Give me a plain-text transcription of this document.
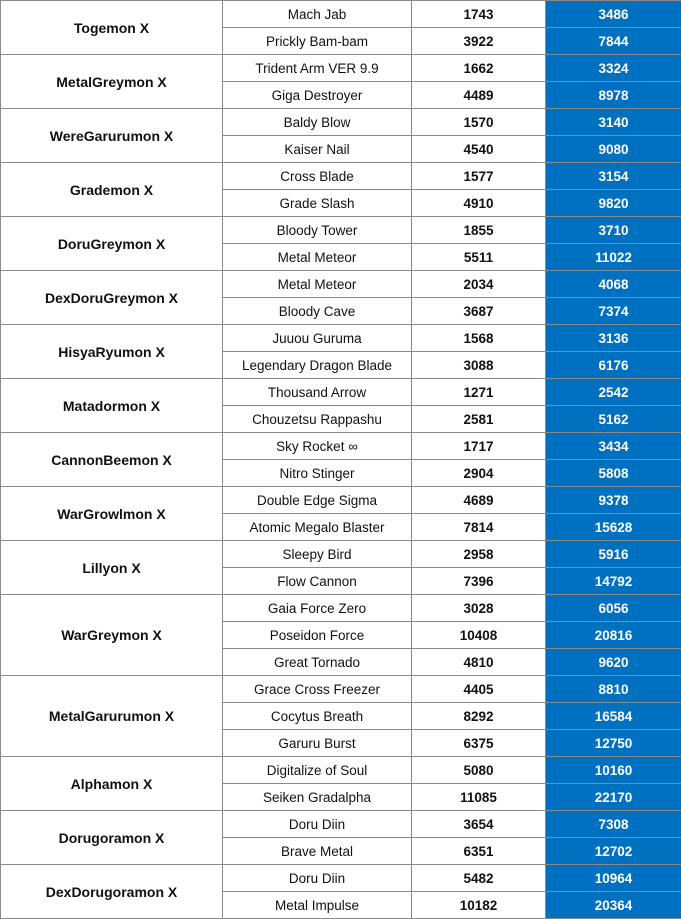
Togemon X	Mach Jab	1743	3486
	Prickly Bam-bam	3922	7844
MetalGreymon X	Trident Arm VER 9.9	1662	3324
	Giga Destroyer	4489	8978
WereGarurumon X	Baldy Blow	1570	3140
	Kaiser Nail	4540	9080
Grademon X	Cross Blade	1577	3154
	Grade Slash	4910	9820
DoruGreymon X	Bloody Tower	1855	3710
	Metal Meteor	5511	11022
DexDoruGreymon X	Metal Meteor	2034	4068
	Bloody Cave	3687	7374
HisyaRyumon X	Juuou Guruma	1568	3136
	Legendary Dragon Blade	3088	6176
Matadormon X	Thousand Arrow	1271	2542
	Chouzetsu Rappashu	2581	5162
CannonBeemon X	Sky Rocket ∞	1717	3434
	Nitro Stinger	2904	5808
WarGrowlmon X	Double Edge Sigma	4689	9378
	Atomic Megalo Blaster	7814	15628
Lillyon X	Sleepy Bird	2958	5916
	Flow Cannon	7396	14792
WarGreymon X	Gaia Force Zero	3028	6056
	Poseidon Force	10408	20816
	Great Tornado	4810	9620
MetalGarurumon X	Grace Cross Freezer	4405	8810
	Cocytus Breath	8292	16584
	Garuru Burst	6375	12750
Alphamon X	Digitalize of Soul	5080	10160
	Seiken Gradalpha	11085	22170
Dorugoramon X	Doru Diin	3654	7308
	Brave Metal	6351	12702
DexDorugoramon X	Doru Diin	5482	10964
	Metal Impulse	10182	20364
